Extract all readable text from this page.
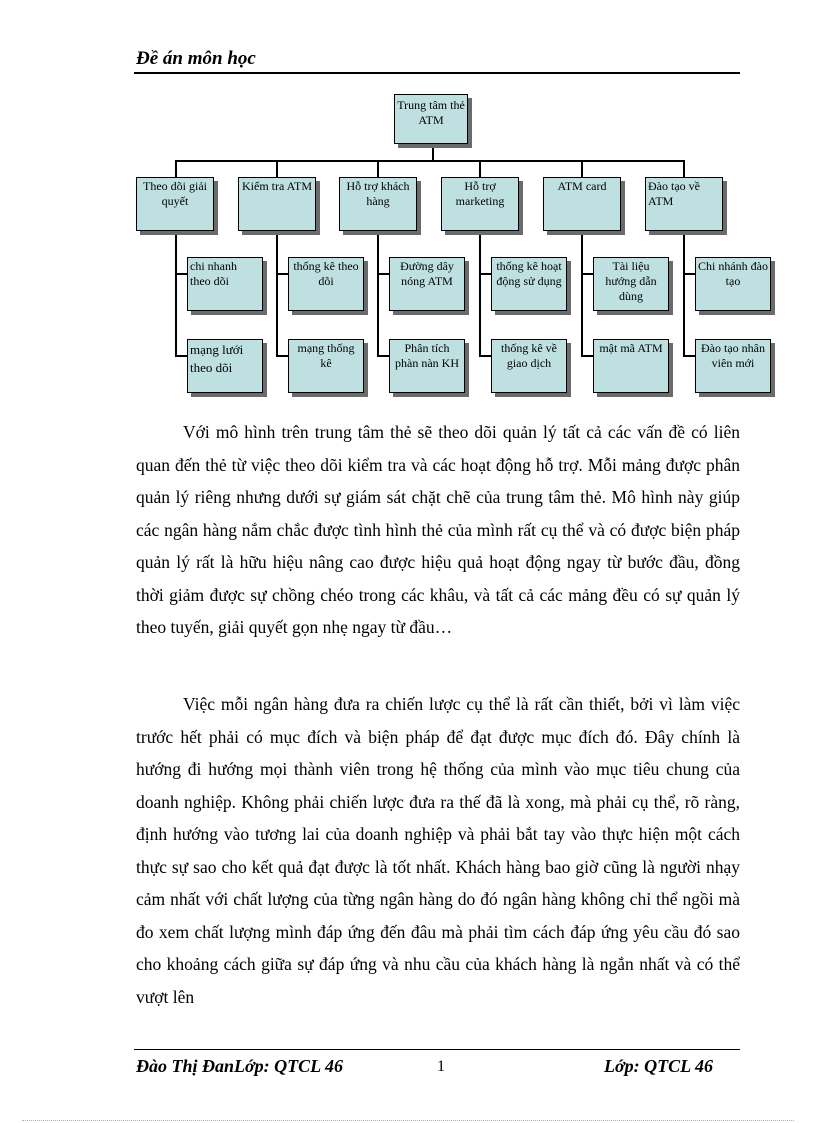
Đề án môn học
Trung tâm thẻ ATM
Theo dõi giải quyết
Kiểm tra ATM	Hỗ trợ khách hàng
Hỗ trợ marketing
ATM card	Đào tạo về ATM
chi nhanh theo dõi
thống kê theo dõi
Đường dây nóng ATM
thống kê hoạt động sử dụng
Tài liệu hướng dẫn dùng
Chi nhánh đào tạo
mạng lưới theo dõi
mạng thống kê
Phân tích phàn nàn KH
thống kê về giao dịch
mật mã ATM	Đào tạo nhân viên mới

Với mô hình trên trung tâm thẻ sẽ theo dõi quản lý tất cả các vấn đề có liên quan đến thẻ từ việc theo dõi kiểm tra và các hoạt động hỗ trợ. Mỗi mảng được phân quản lý riêng nhưng dưới sự giám sát chặt chẽ của trung tâm thẻ. Mô hình này giúp các ngân hàng nắm chắc được tình hình thẻ của mình rất cụ thể và có được biện pháp quản lý rất là hữu hiệu nâng cao được hiệu quả hoạt động ngay từ bước đầu, đồng thời giảm được sự chồng chéo trong các khâu, và tất cả các mảng đều có sự quản lý theo tuyến, giải quyết gọn nhẹ ngay từ đầu…

Việc mỗi ngân hàng đưa ra chiến lược cụ thể là rất cần thiết, bởi vì làm việc trước hết phải có mục đích và biện pháp để đạt được mục đích đó. Đây chính là hướng đi hướng mọi thành viên trong hệ thống của mình vào mục tiêu chung của doanh nghiệp. Không phải chiến lược đưa ra thế đã là xong, mà phải cụ thể, rõ ràng, định hướng vào tương lai của doanh nghiệp và phải bắt tay vào thực hiện một cách thực sự sao cho kết quả đạt được là tốt nhất. Khách hàng bao giờ cũng là người nhạy cảm nhất với chất lượng của từng ngân hàng do đó ngân hàng không chỉ thể ngồi mà đo xem chất lượng mình đáp ứng đến đâu mà phải tìm cách đáp ứng yêu cầu đó sao cho khoảng cách giữa sự đáp ứng và nhu cầu của khách hàng là ngắn nhất và có thể vượt lên

Đào Thị ĐanLớp: QTCL 46	1	Lớp: QTCL 46
